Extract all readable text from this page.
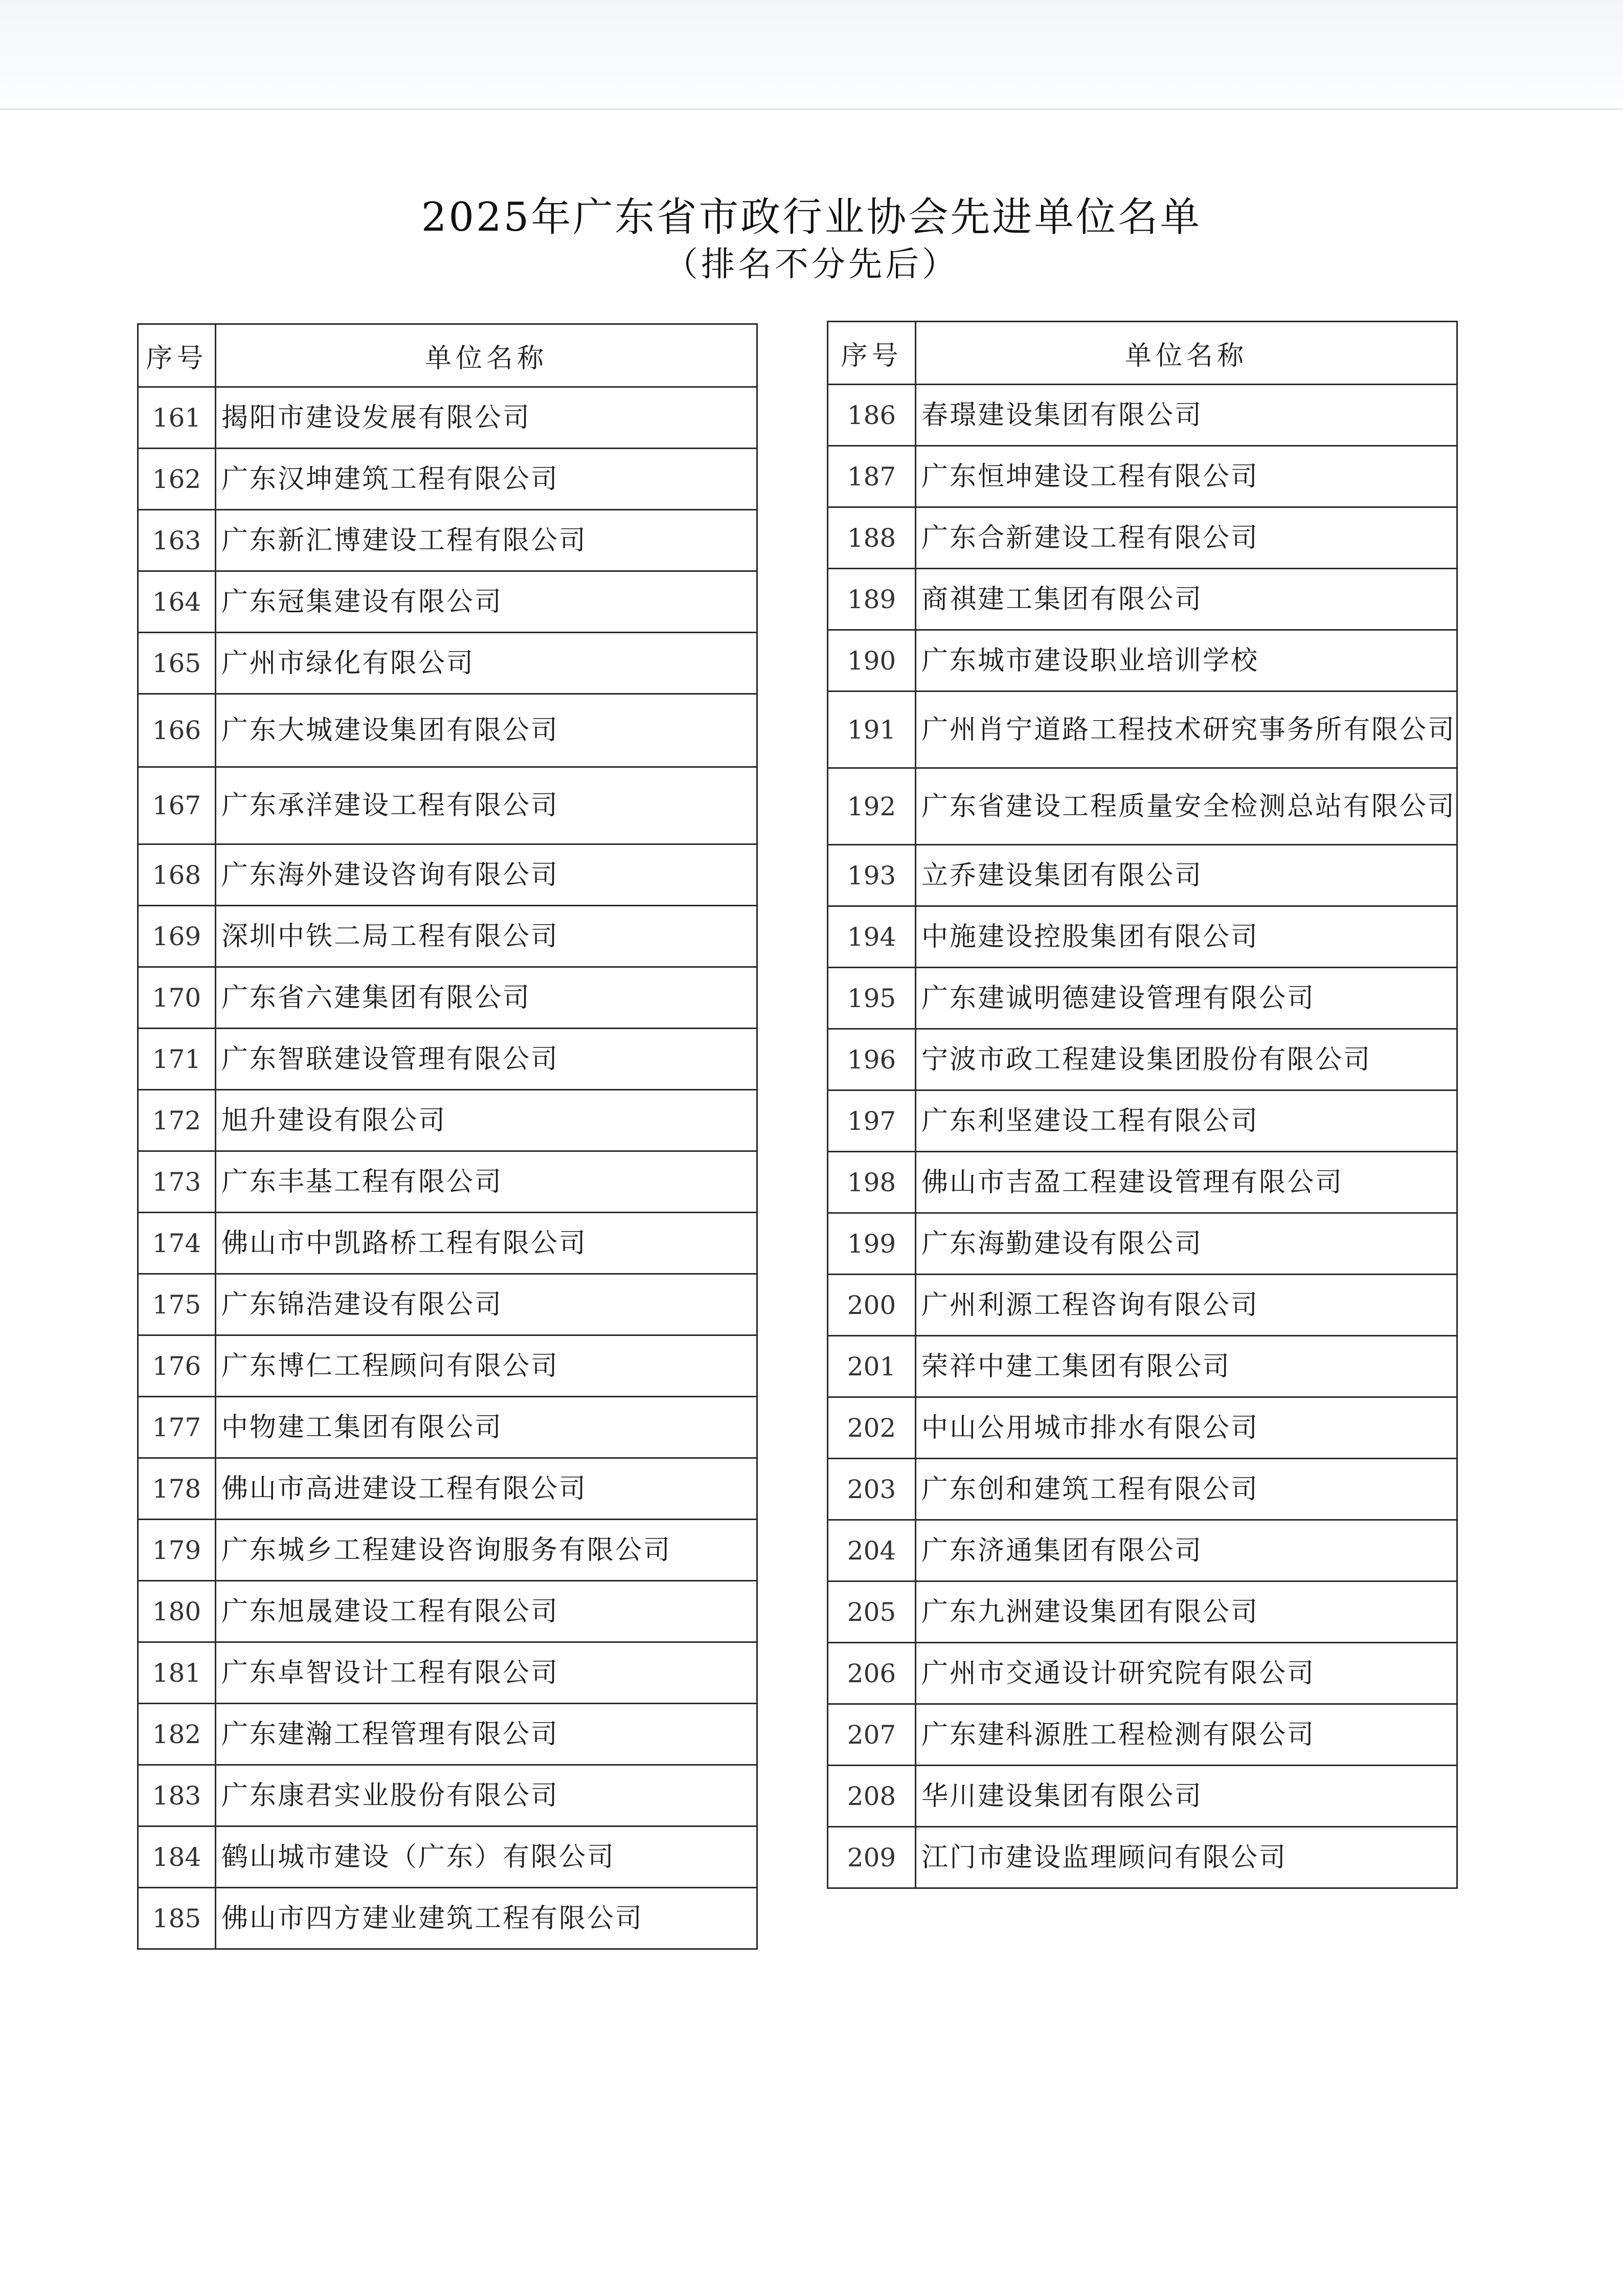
2025年广东省市政行业协会先进单位名单
（排名不分先后）
序号	单位名称
161	揭阳市建设发展有限公司
162	广东汉坤建筑工程有限公司
163	广东新汇博建设工程有限公司
164	广东冠集建设有限公司
165	广州市绿化有限公司
166	广东大城建设集团有限公司
167	广东承洋建设工程有限公司
168	广东海外建设咨询有限公司
169	深圳中铁二局工程有限公司
170	广东省六建集团有限公司
171	广东智联建设管理有限公司
172	旭升建设有限公司
173	广东丰基工程有限公司
174	佛山市中凯路桥工程有限公司
175	广东锦浩建设有限公司
176	广东博仁工程顾问有限公司
177	中物建工集团有限公司
178	佛山市高进建设工程有限公司
179	广东城乡工程建设咨询服务有限公司
180	广东旭晟建设工程有限公司
181	广东卓智设计工程有限公司
182	广东建瀚工程管理有限公司
183	广东康君实业股份有限公司
184	鹤山城市建设（广东）有限公司
185	佛山市四方建业建筑工程有限公司
序号	单位名称
186	春璟建设集团有限公司
187	广东恒坤建设工程有限公司
188	广东合新建设工程有限公司
189	商祺建工集团有限公司
190	广东城市建设职业培训学校
191	广州肖宁道路工程技术研究事务所有限公司
192	广东省建设工程质量安全检测总站有限公司
193	立乔建设集团有限公司
194	中施建设控股集团有限公司
195	广东建诚明德建设管理有限公司
196	宁波市政工程建设集团股份有限公司
197	广东利坚建设工程有限公司
198	佛山市吉盈工程建设管理有限公司
199	广东海勤建设有限公司
200	广州利源工程咨询有限公司
201	荣祥中建工集团有限公司
202	中山公用城市排水有限公司
203	广东创和建筑工程有限公司
204	广东济通集团有限公司
205	广东九洲建设集团有限公司
206	广州市交通设计研究院有限公司
207	广东建科源胜工程检测有限公司
208	华川建设集团有限公司
209	江门市建设监理顾问有限公司
